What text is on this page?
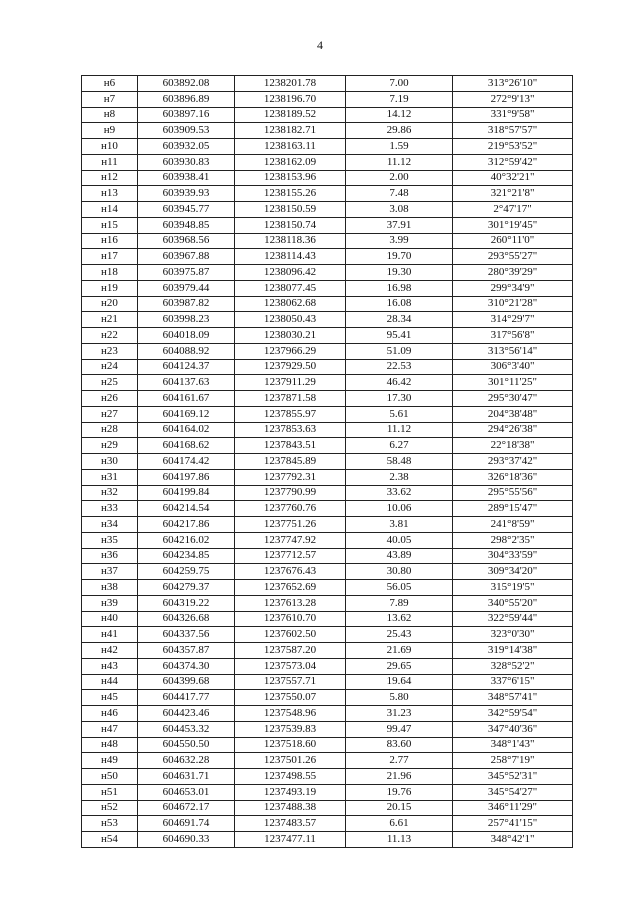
4
н6	603892.08	1238201.78	7.00	313°26'10"
н7	603896.89	1238196.70	7.19	272°9'13"
н8	603897.16	1238189.52	14.12	331°9'58"
н9	603909.53	1238182.71	29.86	318°57'57"
н10	603932.05	1238163.11	1.59	219°53'52"
н11	603930.83	1238162.09	11.12	312°59'42"
н12	603938.41	1238153.96	2.00	40°32'21"
н13	603939.93	1238155.26	7.48	321°21'8"
н14	603945.77	1238150.59	3.08	2°47'17"
н15	603948.85	1238150.74	37.91	301°19'45"
н16	603968.56	1238118.36	3.99	260°11'0"
н17	603967.88	1238114.43	19.70	293°55'27"
н18	603975.87	1238096.42	19.30	280°39'29"
н19	603979.44	1238077.45	16.98	299°34'9"
н20	603987.82	1238062.68	16.08	310°21'28"
н21	603998.23	1238050.43	28.34	314°29'7"
н22	604018.09	1238030.21	95.41	317°56'8"
н23	604088.92	1237966.29	51.09	313°56'14"
н24	604124.37	1237929.50	22.53	306°3'40"
н25	604137.63	1237911.29	46.42	301°11'25"
н26	604161.67	1237871.58	17.30	295°30'47"
н27	604169.12	1237855.97	5.61	204°38'48"
н28	604164.02	1237853.63	11.12	294°26'38"
н29	604168.62	1237843.51	6.27	22°18'38"
н30	604174.42	1237845.89	58.48	293°37'42"
н31	604197.86	1237792.31	2.38	326°18'36"
н32	604199.84	1237790.99	33.62	295°55'56"
н33	604214.54	1237760.76	10.06	289°15'47"
н34	604217.86	1237751.26	3.81	241°8'59"
н35	604216.02	1237747.92	40.05	298°2'35"
н36	604234.85	1237712.57	43.89	304°33'59"
н37	604259.75	1237676.43	30.80	309°34'20"
н38	604279.37	1237652.69	56.05	315°19'5"
н39	604319.22	1237613.28	7.89	340°55'20"
н40	604326.68	1237610.70	13.62	322°59'44"
н41	604337.56	1237602.50	25.43	323°0'30"
н42	604357.87	1237587.20	21.69	319°14'38"
н43	604374.30	1237573.04	29.65	328°52'2"
н44	604399.68	1237557.71	19.64	337°6'15"
н45	604417.77	1237550.07	5.80	348°57'41"
н46	604423.46	1237548.96	31.23	342°59'54"
н47	604453.32	1237539.83	99.47	347°40'36"
н48	604550.50	1237518.60	83.60	348°1'43"
н49	604632.28	1237501.26	2.77	258°7'19"
н50	604631.71	1237498.55	21.96	345°52'31"
н51	604653.01	1237493.19	19.76	345°54'27"
н52	604672.17	1237488.38	20.15	346°11'29"
н53	604691.74	1237483.57	6.61	257°41'15"
н54	604690.33	1237477.11	11.13	348°42'1"
